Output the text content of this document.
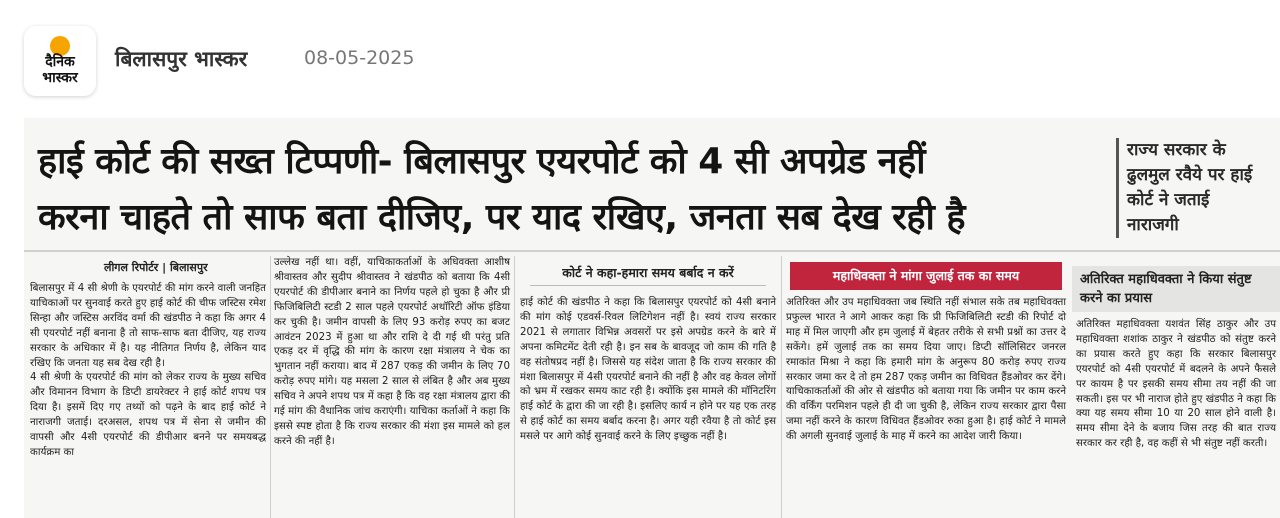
दैनिक
भास्कर
बिलासपुर भास्कर	08-05-2025
हाई कोर्ट की सख्त टिप्पणी- बिलासपुर एयरपोर्ट को 4 सी अपग्रेड नहीं
करना चाहते तो साफ बता दीजिए, पर याद रखिए, जनता सब देख रही है
राज्य सरकार के ढुलमुल रवैये पर हाई कोर्ट ने जताई नाराजगी
लीगल रिपोर्टर | बिलासपुर

बिलासपुर में 4 सी श्रेणी के एयरपोर्ट की मांग करने वाली जनहित याचिकाओं पर सुनवाई करते हुए हाई कोर्ट की चीफ जस्टिस रमेश सिन्हा और जस्टिस अरविंद वर्मा की खंडपीठ ने कहा कि अगर 4 सी एयरपोर्ट नहीं बनाना है तो साफ-साफ बता दीजिए, यह राज्य सरकार के अधिकार में है। यह नीतिगत निर्णय है, लेकिन याद रखिए कि जनता यह सब देख रही है।

4 सी श्रेणी के एयरपोर्ट की मांग को लेकर राज्य के मुख्य सचिव और विमानन विभाग के डिप्टी डायरेक्टर ने हाई कोर्ट शपथ पत्र दिया है। इसमें दिए गए तथ्यों को पढ़ने के बाद हाई कोर्ट ने नाराजगी जताई। दरअसल, शपथ पत्र में सेना से जमीन की वापसी और 4सी एयरपोर्ट की डीपीआर बनने पर समयबद्ध कार्यक्रम का

उल्लेख नहीं था। वहीं, याचिकाकर्ताओं के अधिवक्ता आशीष श्रीवास्तव और सुदीप श्रीवास्तव ने खंडपीठ को बताया कि 4सी एयरपोर्ट की डीपीआर बनाने का निर्णय पहले हो चुका है और प्री फिजिबिलिटी स्टडी 2 साल पहले एयरपोर्ट अथॉरिटी ऑफ इंडिया कर चुकी है। जमीन वापसी के लिए 93 करोड़ रुपए का बजट आवंटन 2023 में हुआ था और राशि दे दी गई थी परंतु प्रति एकड़ दर में वृद्धि की मांग के कारण रक्षा मंत्रालय ने चेक का भुगतान नहीं कराया। बाद में 287 एकड़ की जमीन के लिए 70 करोड़ रुपए मांगे। यह मसला 2 साल से लंबित है और अब मुख्य सचिव ने अपने शपथ पत्र में कहा है कि वह रक्षा मंत्रालय द्वारा की गई मांग की वैधानिक जांच कराएंगी। याचिका कर्ताओं ने कहा कि इससे स्पष्ट होता है कि राज्य सरकार की मंशा इस मामले को हल करने की नहीं है।

कोर्ट ने कहा-हमारा समय बर्बाद न करें

हाई कोर्ट की खंडपीठ ने कहा कि बिलासपुर एयरपोर्ट को 4सी बनाने की मांग कोई एडवर्स-रिवल लिटिगेशन नहीं है। स्वयं राज्य सरकार 2021 से लगातार विभिन्न अवसरों पर इसे अपग्रेड करने के बारे में अपना कमिटमेंट देती रही है। इन सब के बावजूद जो काम की गति है वह संतोषप्रद नहीं है। जिससे यह संदेश जाता है कि राज्य सरकार की मंशा बिलासपुर में 4सी एयरपोर्ट बनाने की नहीं है और वह केवल लोगों को भ्रम में रखकर समय काट रही है। क्योंकि इस मामले की मॉनिटरिंग हाई कोर्ट के द्वारा की जा रही है। इसलिए कार्य न होने पर यह एक तरह से हाई कोर्ट का समय बर्बाद करना है। अगर यही रवैया है तो कोर्ट इस मसले पर आगे कोई सुनवाई करने के लिए इच्छुक नहीं है।

महाधिवक्ता ने मांगा जुलाई तक का समय

अतिरिक्त और उप महाधिवक्ता जब स्थिति नहीं संभाल सके तब महाधिवक्ता प्रफुल्ल भारत ने आगे आकर कहा कि प्री फिजिबिलिटी स्टडी की रिपोर्ट दो माह में मिल जाएगी और हम जुलाई में बेहतर तरीके से सभी प्रश्नों का उत्तर दे सकेंगे। हमें जुलाई तक का समय दिया जाए। डिप्टी सॉलिसिटर जनरल रमाकांत मिश्रा ने कहा कि हमारी मांग के अनुरूप 80 करोड़ रुपए राज्य सरकार जमा कर दे तो हम 287 एकड़ जमीन का विधिवत हैंडओवर कर देंगे। याचिकाकर्ताओं की ओर से खंडपीठ को बताया गया कि जमीन पर काम करने की वर्किंग परमिशन पहले ही दी जा चुकी है, लेकिन राज्य सरकार द्वारा पैसा जमा नहीं करने के कारण विधिवत हैंडओवर रुका हुआ है। हाई कोर्ट ने मामले की अगली सुनवाई जुलाई के माह में करने का आदेश जारी किया।

अतिरिक्त महाधिवक्ता ने किया संतुष्ट करने का प्रयास

अतिरिक्त महाधिवक्ता यशवंत सिंह ठाकुर और उप महाधिवक्ता शशांक ठाकुर ने खंडपीठ को संतुष्ट करने का प्रयास करते हुए कहा कि सरकार बिलासपुर एयरपोर्ट को 4सी एयरपोर्ट में बदलने के अपने फैसले पर कायम है पर इसकी समय सीमा तय नहीं की जा सकती। इस पर भी नाराज होते हुए खंडपीठ ने कहा कि क्या यह समय सीमा 10 या 20 साल होने वाली है। समय सीमा देने के बजाय जिस तरह की बात राज्य सरकार कर रही है, वह कहीं से भी संतुष्ट नहीं करती।
